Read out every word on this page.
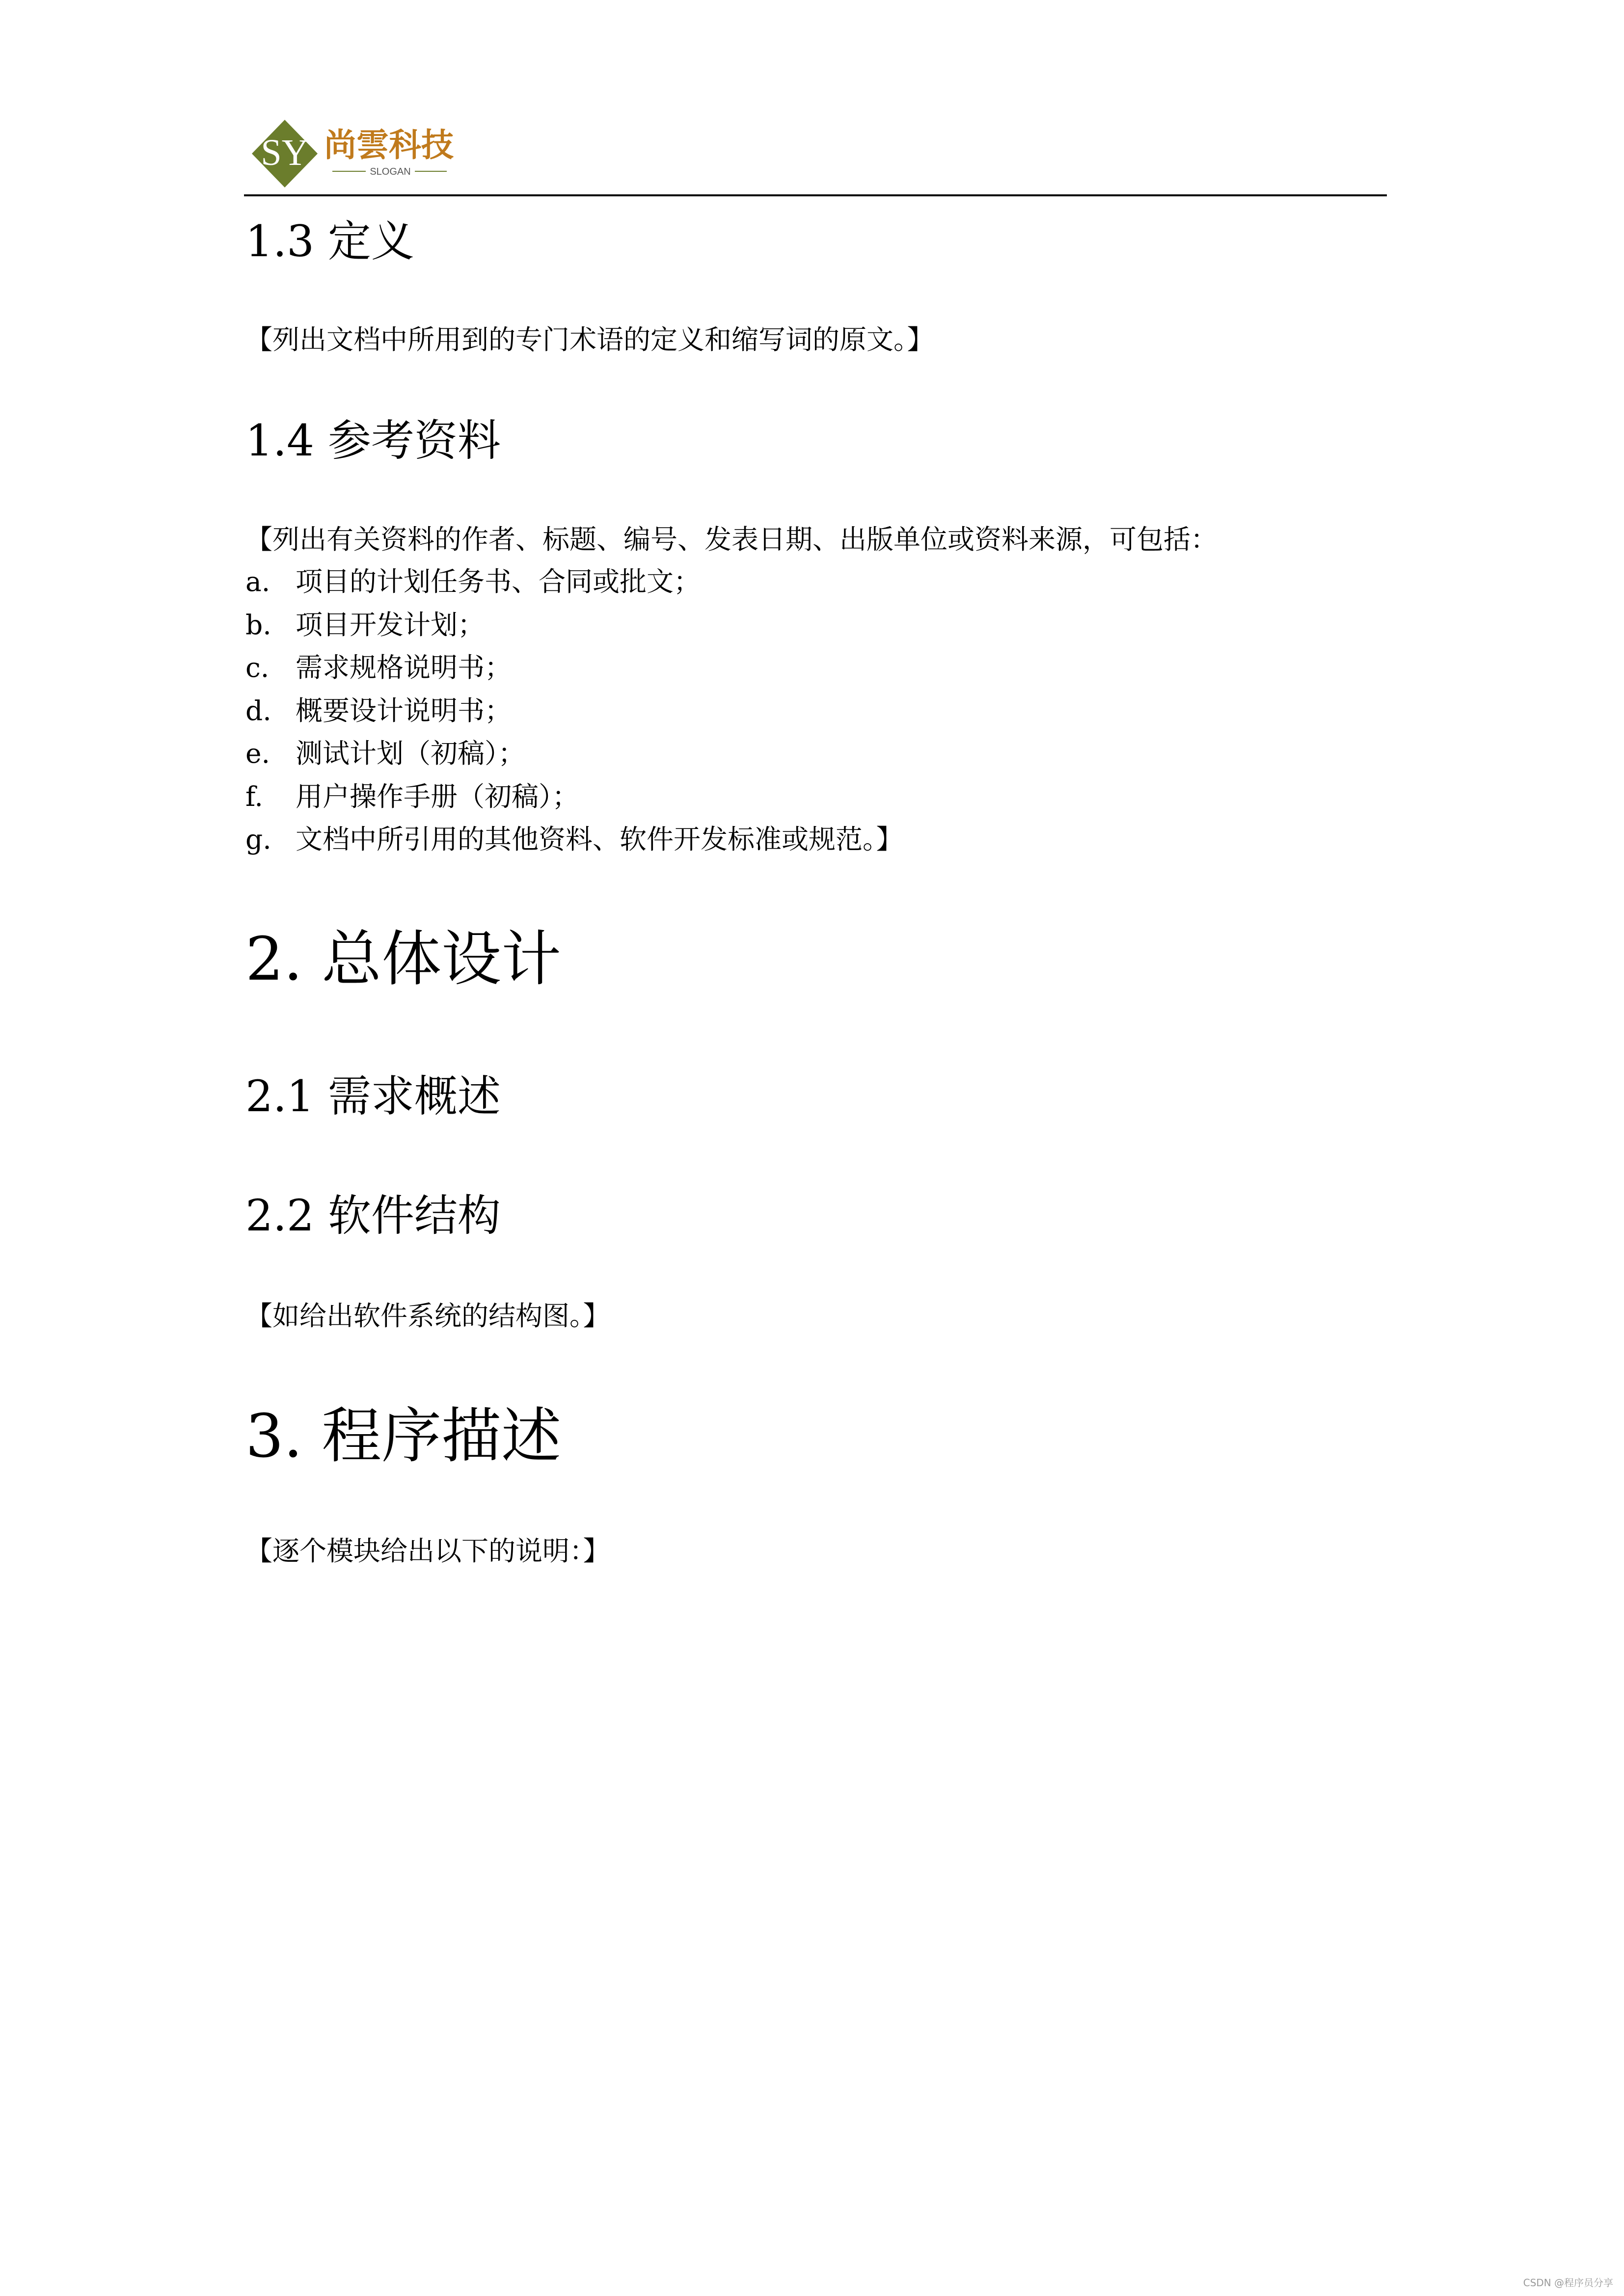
SY 尚雲科技
SLOGAN
1.3 定义
【列出文档中所用到的专门术语的定义和缩写词的原文。】
1.4 参考资料
【列出有关资料的作者、标题、编号、发表日期、出版单位或资料来源，可包括：
a. 项目的计划任务书、合同或批文；
b. 项目开发计划；
c. 需求规格说明书；
d. 概要设计说明书；
e. 测试计划（初稿）；
f. 用户操作手册（初稿）；
g. 文档中所引用的其他资料、软件开发标准或规范。】
2. 总体设计
2.1 需求概述
2.2 软件结构
【如给出软件系统的结构图。】
3. 程序描述
【逐个模块给出以下的说明：】
CSDN @程序员分享
